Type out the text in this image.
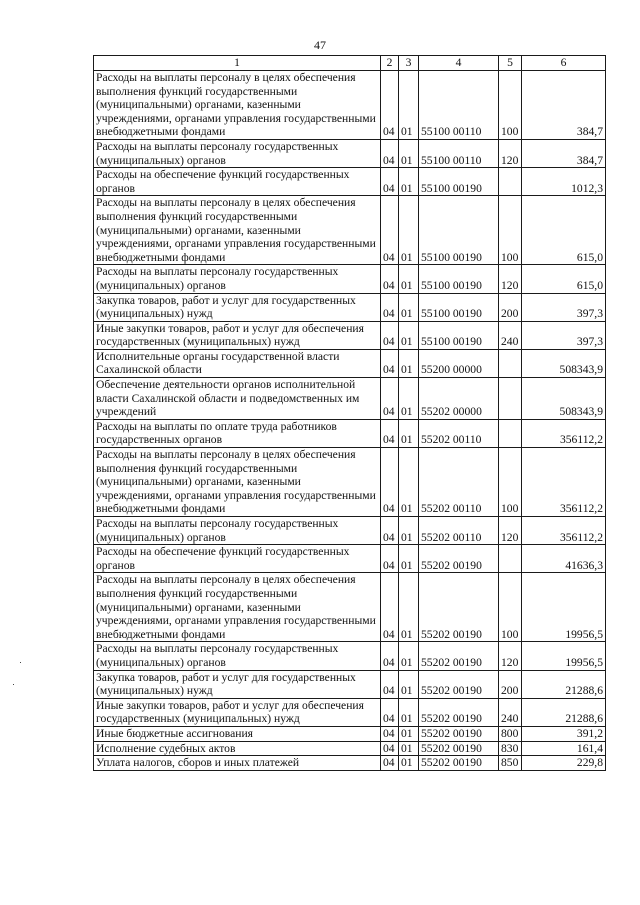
47
1	2	3	4	5	6
Расходы на выплаты персоналу в целях обеспечения выполнения функций государственными (муниципальными) органами, казенными учреждениями, органами управления государственными внебюджетными фондами	04	01	55100 00110	100	384,7
Расходы на выплаты персоналу государственных (муниципальных) органов	04	01	55100 00110	120	384,7
Расходы на обеспечение функций государственных органов	04	01	55100 00190		1012,3
Расходы на выплаты персоналу в целях обеспечения выполнения функций государственными (муниципальными) органами, казенными учреждениями, органами управления государственными внебюджетными фондами	04	01	55100 00190	100	615,0
Расходы на выплаты персоналу государственных (муниципальных) органов	04	01	55100 00190	120	615,0
Закупка товаров, работ и услуг для государственных (муниципальных) нужд	04	01	55100 00190	200	397,3
Иные закупки товаров, работ и услуг для обеспечения государственных (муниципальных) нужд	04	01	55100 00190	240	397,3
Исполнительные органы государственной власти Сахалинской области	04	01	55200 00000		508343,9
Обеспечение деятельности органов исполнительной власти Сахалинской области и подведомственных им учреждений	04	01	55202 00000		508343,9
Расходы на выплаты по оплате труда работников государственных органов	04	01	55202 00110		356112,2
Расходы на выплаты персоналу в целях обеспечения выполнения функций государственными (муниципальными) органами, казенными учреждениями, органами управления государственными внебюджетными фондами	04	01	55202 00110	100	356112,2
Расходы на выплаты персоналу государственных (муниципальных) органов	04	01	55202 00110	120	356112,2
Расходы на обеспечение функций государственных органов	04	01	55202 00190		41636,3
Расходы на выплаты персоналу в целях обеспечения выполнения функций государственными (муниципальными) органами, казенными учреждениями, органами управления государственными внебюджетными фондами	04	01	55202 00190	100	19956,5
Расходы на выплаты персоналу государственных (муниципальных) органов	04	01	55202 00190	120	19956,5
Закупка товаров, работ и услуг для государственных (муниципальных) нужд	04	01	55202 00190	200	21288,6
Иные закупки товаров, работ и услуг для обеспечения государственных (муниципальных) нужд	04	01	55202 00190	240	21288,6
Иные бюджетные ассигнования	04	01	55202 00190	800	391,2
Исполнение судебных актов	04	01	55202 00190	830	161,4
Уплата налогов, сборов и иных платежей	04	01	55202 00190	850	229,8
